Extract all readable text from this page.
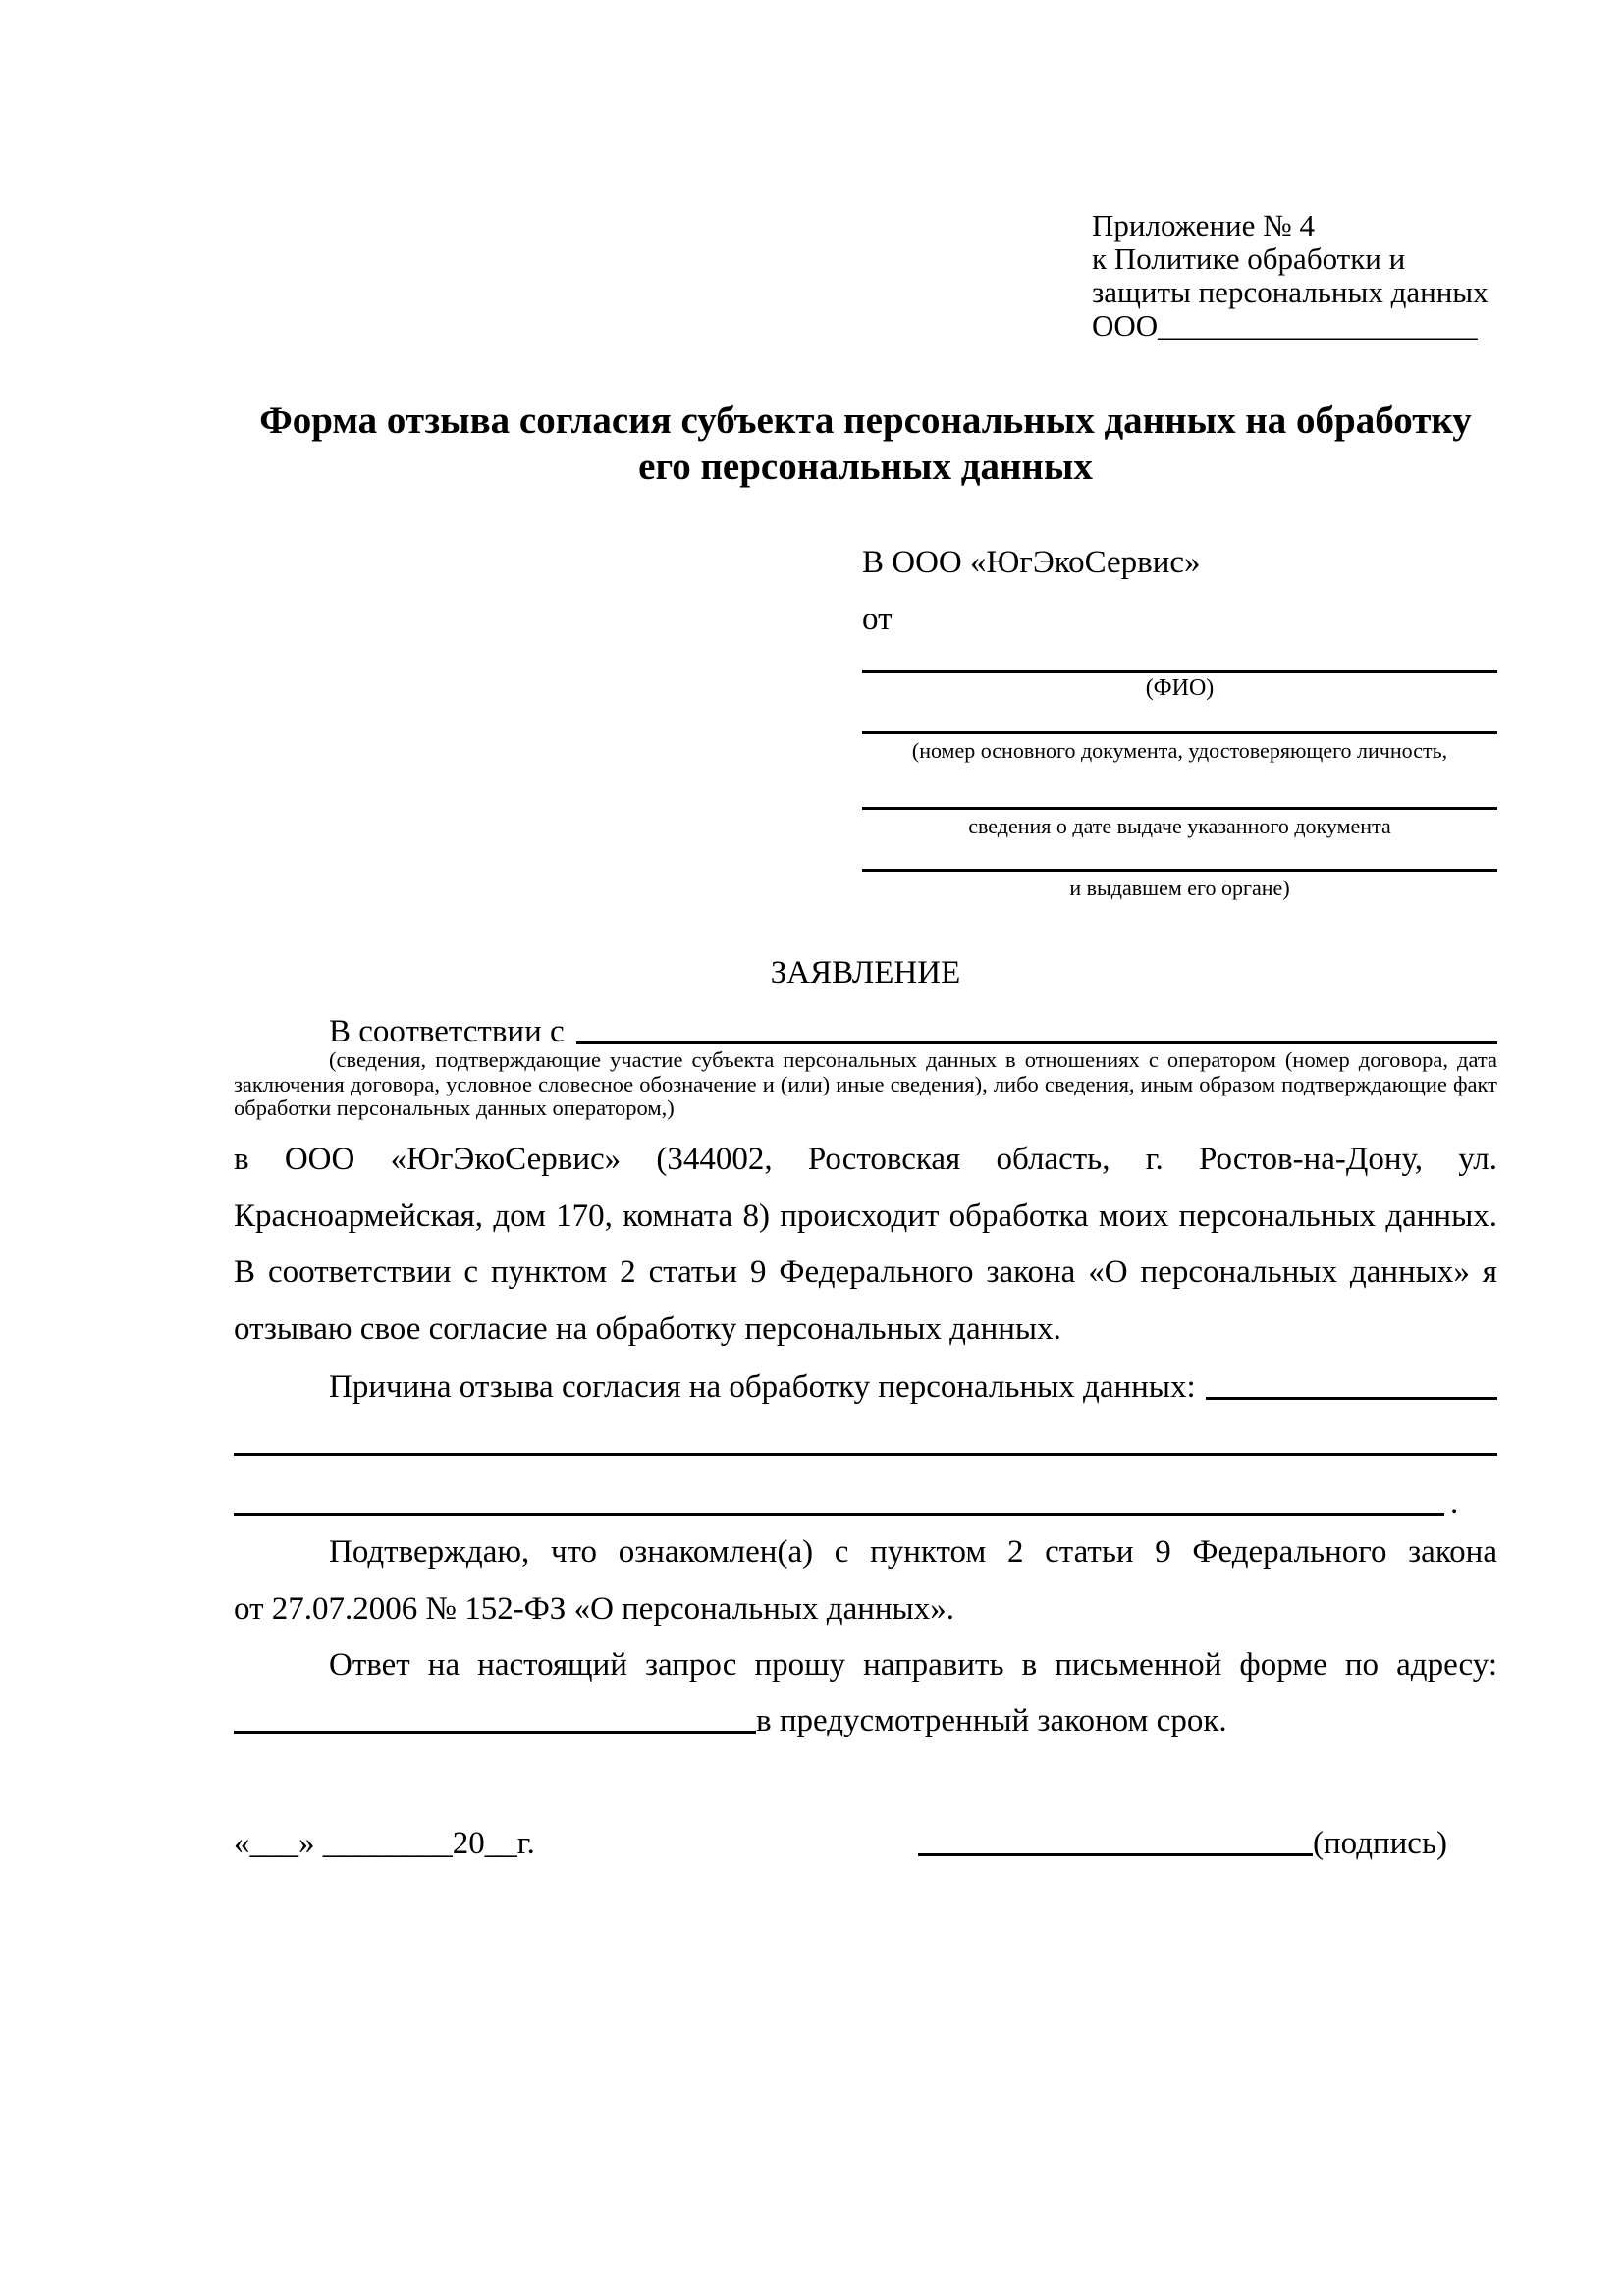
Приложение № 4
к Политике обработки и
защиты персональных данных
ООО_____________________
Форма отзыва согласия субъекта персональных данных на обработку
его персональных данных
В ООО «ЮгЭкоСервис»
от
(ФИО)
(номер основного документа, удостоверяющего личность,
сведения о дате выдаче указанного документа
и выдавшем его органе)
ЗАЯВЛЕНИЕ
В соответствии с
(сведения, подтверждающие участие субъекта персональных данных в отношениях с оператором (номер договора, дата
заключения договора, условное словесное обозначение и (или) иные сведения), либо сведения, иным образом подтверждающие факт
обработки персональных данных оператором,)
в ООО «ЮгЭкоСервис» (344002, Ростовская область, г. Ростов-на-Дону, ул.
Красноармейская, дом 170, комната 8) происходит обработка моих персональных данных.
В соответствии с пунктом 2 статьи 9 Федерального закона «О персональных данных» я
отзываю свое согласие на обработку персональных данных.
Причина отзыва согласия на обработку персональных данных:
.
Подтверждаю, что ознакомлен(а) с пунктом 2 статьи 9 Федерального закона
от 27.07.2006 № 152-ФЗ «О персональных данных».
Ответ на настоящий запрос прошу направить в письменной форме по адресу:
в предусмотренный законом срок.
«___» ________20__г.	(подпись)
